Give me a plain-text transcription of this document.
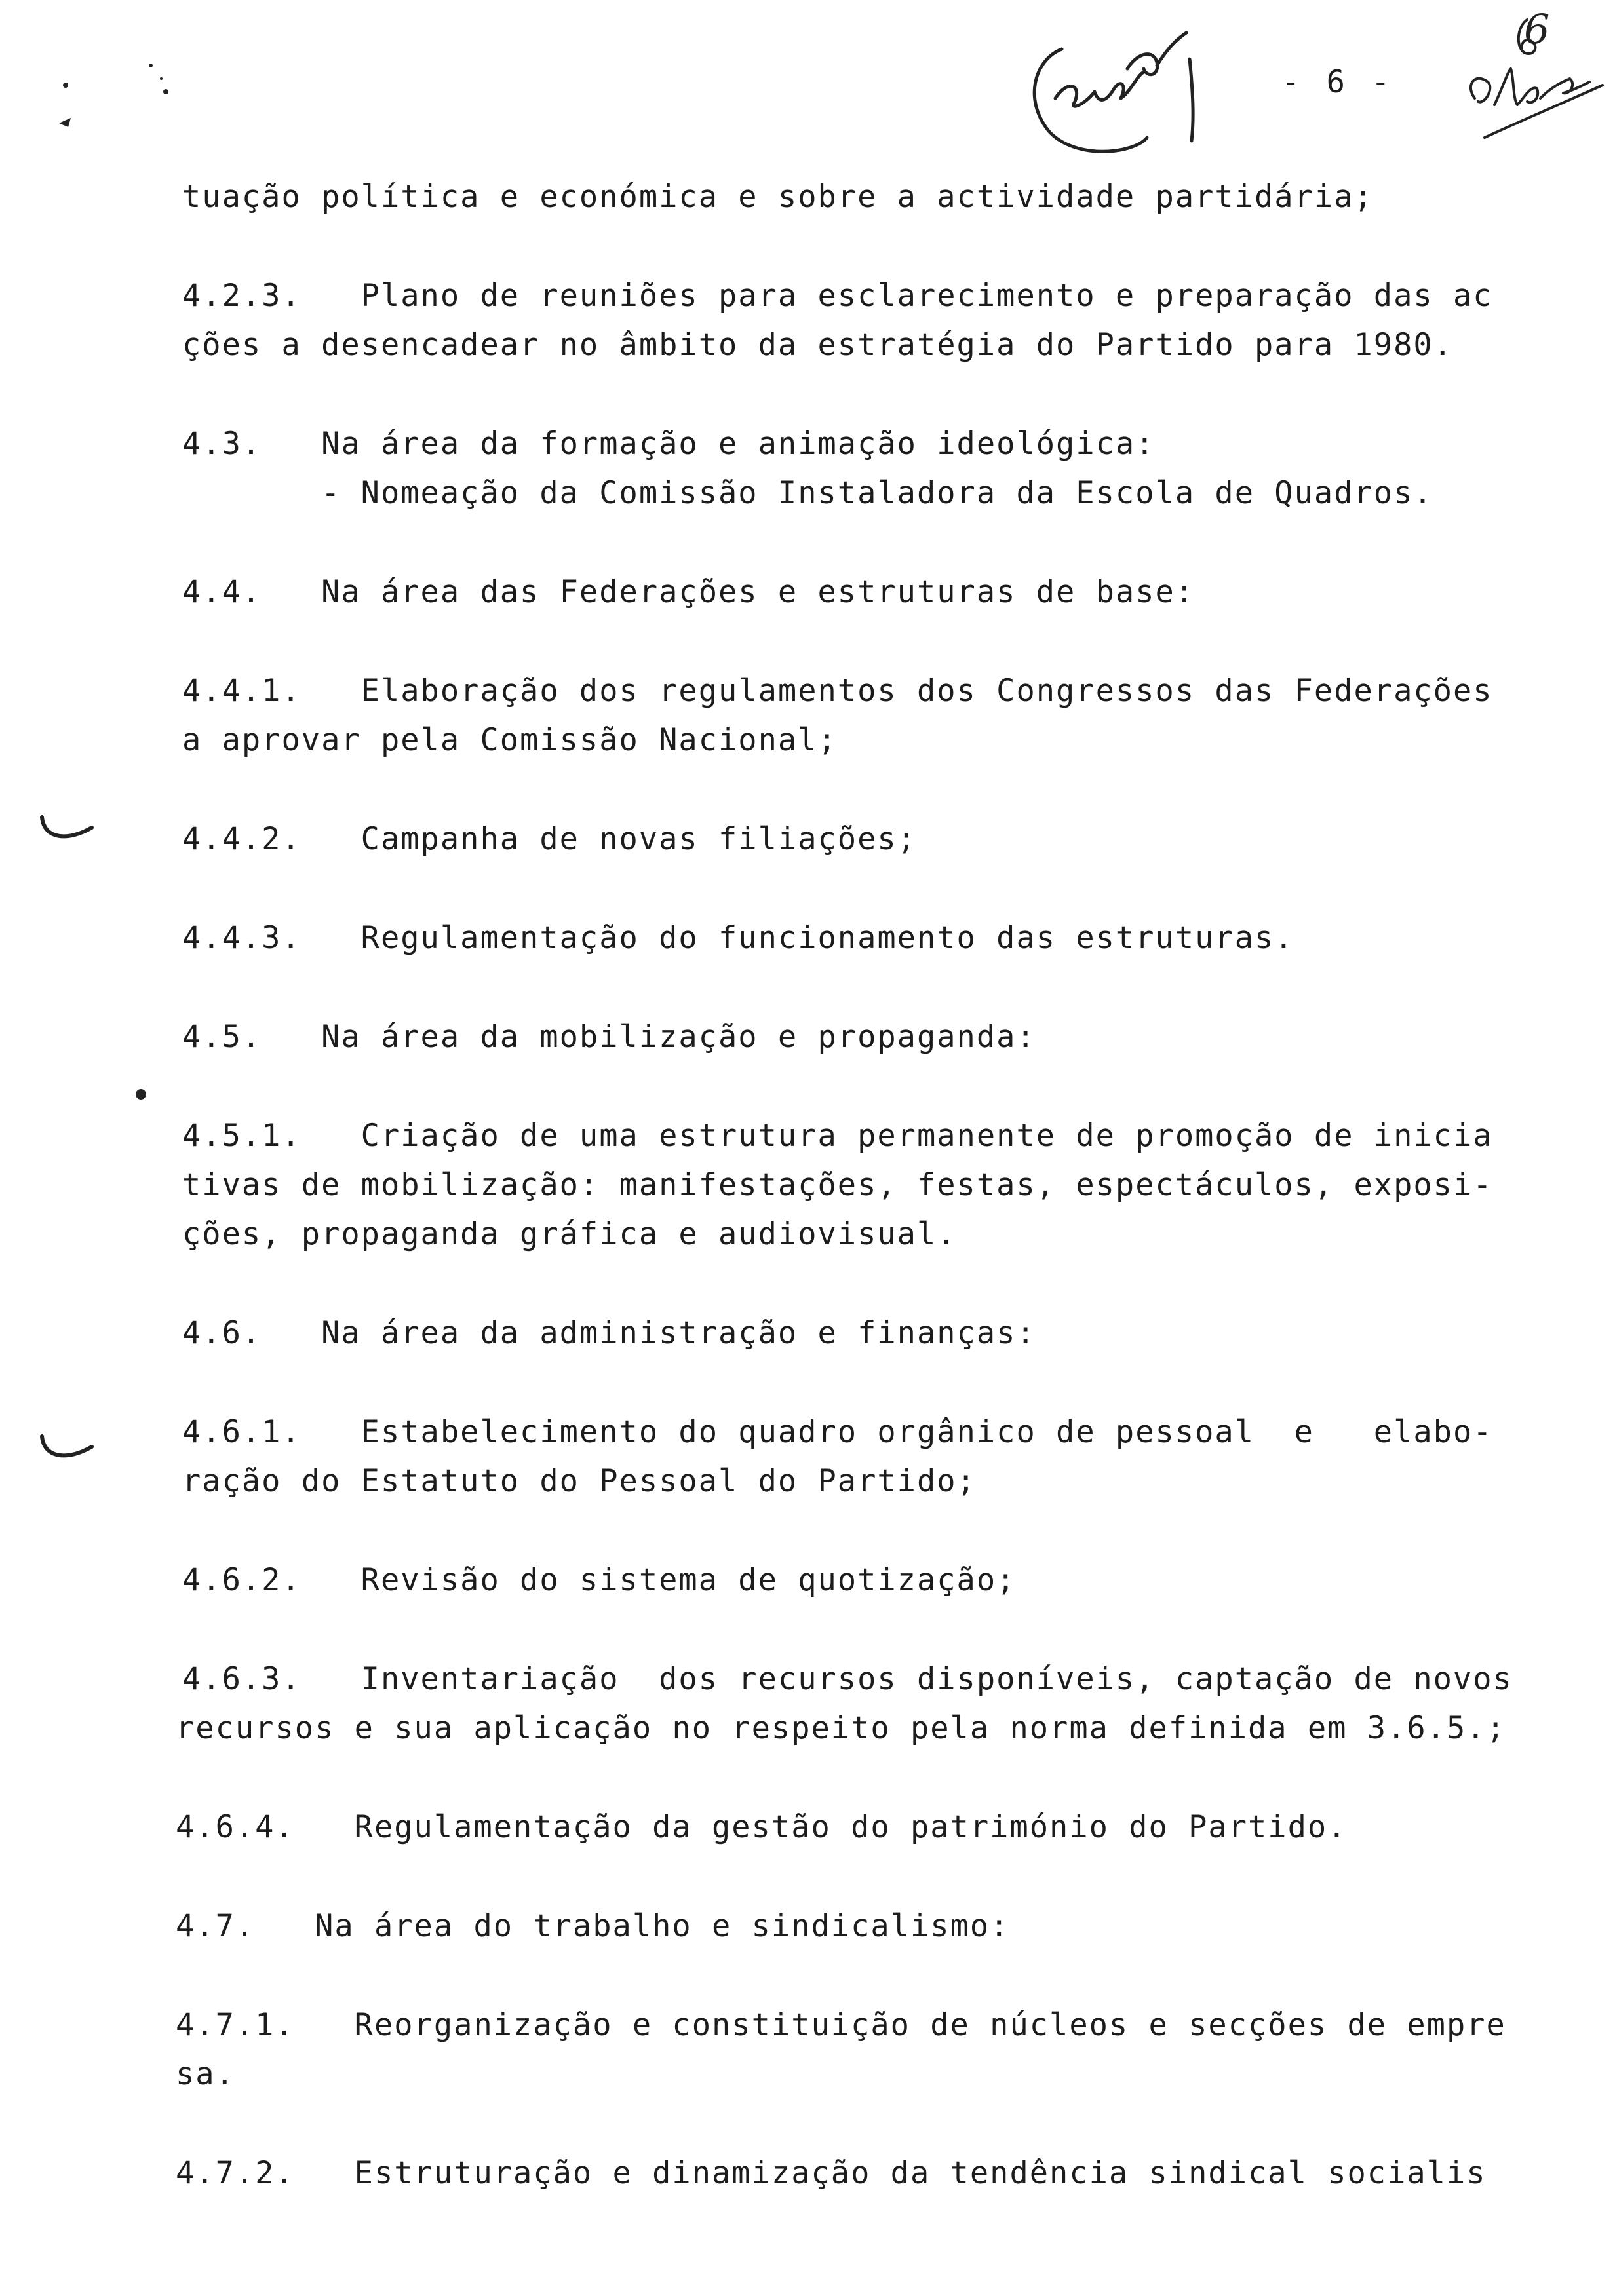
6
- 6 -
tuação política e económica e sobre a actividade partidária;
4.2.3.   Plano de reuniões para esclarecimento e preparação das ac
ções a desencadear no âmbito da estratégia do Partido para 1980.
4.3.   Na área da formação e animação ideológica:
- Nomeação da Comissão Instaladora da Escola de Quadros.
4.4.   Na área das Federações e estruturas de base:
4.4.1.   Elaboração dos regulamentos dos Congressos das Federações
a aprovar pela Comissão Nacional;
4.4.2.   Campanha de novas filiações;
4.4.3.   Regulamentação do funcionamento das estruturas.
4.5.   Na área da mobilização e propaganda:
4.5.1.   Criação de uma estrutura permanente de promoção de inicia
tivas de mobilização: manifestações, festas, espectáculos, exposi-
ções, propaganda gráfica e audiovisual.
4.6.   Na área da administração e finanças:
4.6.1.   Estabelecimento do quadro orgânico de pessoal  e   elabo-
ração do Estatuto do Pessoal do Partido;
4.6.2.   Revisão do sistema de quotização;
4.6.3.   Inventariação  dos recursos disponíveis, captação de novos
recursos e sua aplicação no respeito pela norma definida em 3.6.5.;
4.6.4.   Regulamentação da gestão do património do Partido.
4.7.   Na área do trabalho e sindicalismo:
4.7.1.   Reorganização e constituição de núcleos e secções de empre
sa.
4.7.2.   Estruturação e dinamização da tendência sindical socialis
